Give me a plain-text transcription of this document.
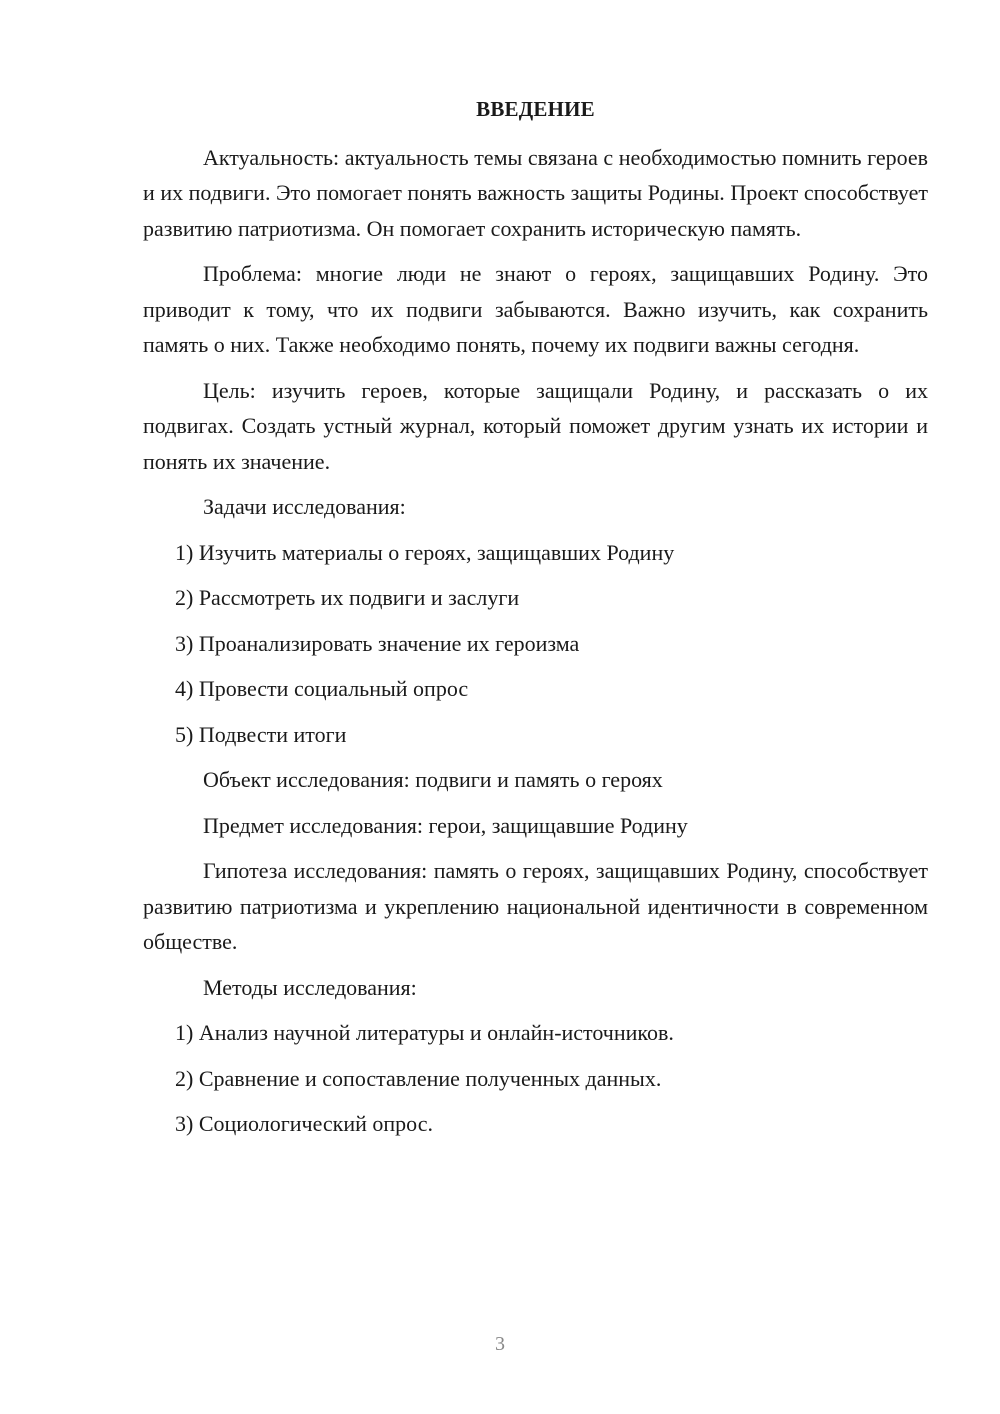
ВВЕДЕНИЕ

Актуальность: актуальность темы связана с необходимостью помнить героев и их подвиги. Это помогает понять важность защиты Родины. Проект способствует развитию патриотизма. Он помогает сохранить историческую память.

Проблема: многие люди не знают о героях, защищавших Родину. Это приводит к тому, что их подвиги забываются. Важно изучить, как сохранить память о них. Также необходимо понять, почему их подвиги важны сегодня.

Цель: изучить героев, которые защищали Родину, и рассказать о их подвигах. Создать устный журнал, который поможет другим узнать их истории и понять их значение.

Задачи исследования:
1) Изучить материалы о героях, защищавших Родину
2) Рассмотреть их подвиги и заслуги
3) Проанализировать значение их героизма
4) Провести социальный опрос
5) Подвести итоги
Объект исследования: подвиги и память о героях
Предмет исследования: герои, защищавшие Родину

Гипотеза исследования: память о героях, защищавших Родину, способствует развитию патриотизма и укреплению национальной идентичности в современном обществе.

Методы исследования:
1) Анализ научной литературы и онлайн-источников.
2) Сравнение и сопоставление полученных данных.
3) Социологический опрос.
3
